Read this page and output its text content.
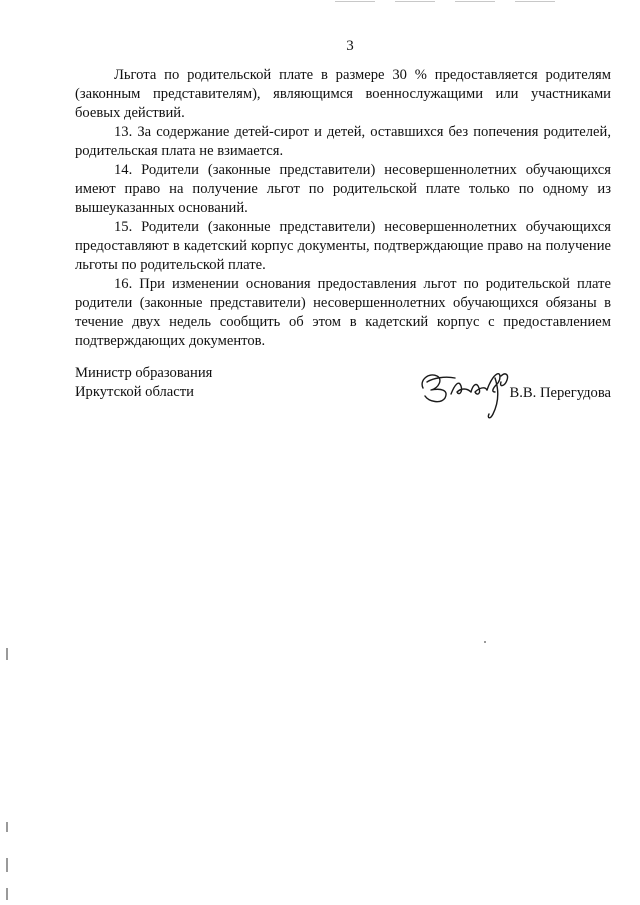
3

Льгота по родительской плате в размере 30 % предоставляется родителям (законным представителям), являющимся военнослужащими или участниками боевых действий.

13. За содержание детей-сирот и детей, оставшихся без попечения родителей, родительская плата не взимается.

14. Родители (законные представители) несовершеннолетних обучающихся имеют право на получение льгот по родительской плате только по одному из вышеуказанных оснований.

15. Родители (законные представители) несовершеннолетних обучающихся предоставляют в кадетский корпус документы, подтверждающие право на получение льготы по родительской плате.

16. При изменении основания предоставления льгот по родительской плате родители (законные представители) несовершеннолетних обучающихся обязаны в течение двух недель сообщить об этом в кадетский корпус с предоставлением подтверждающих документов.

Министр образования
Иркутской области	В.В. Перегудова
